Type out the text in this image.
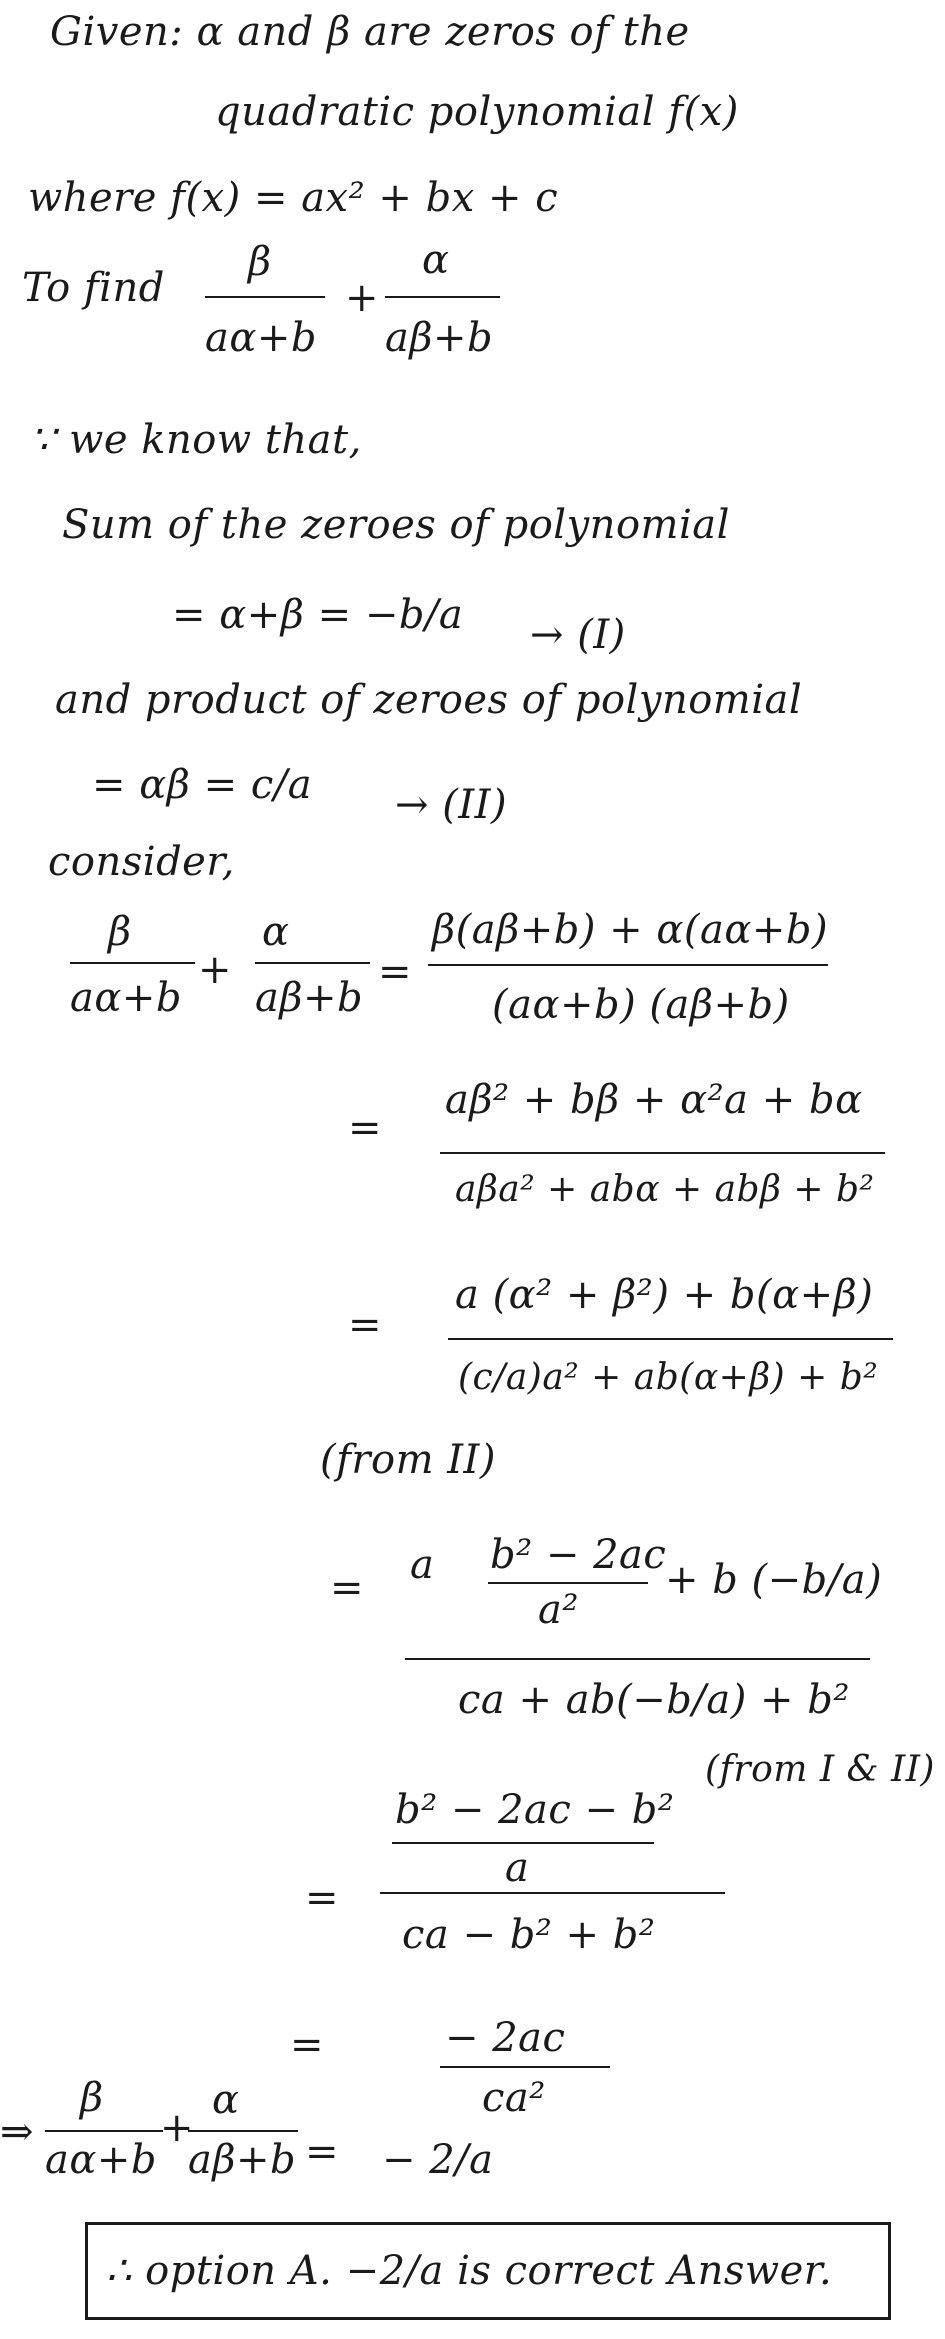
Given: α and β are zeros of the
quadratic polynomial f(x)
where f(x) = ax² + bx + c
To find
β
aα+b
+
α
aβ+b
∵ we know that,
Sum of the zeroes of polynomial
= α+β = −b/a → (I)
and product of zeroes of polynomial
= αβ = c/a → (II)
consider,
β
aα+b
+
α
aβ+b
=
β(aβ+b) + α(aα+b)
(aα+b) (aβ+b)
=
aβ² + bβ + α²a + bα
aβa² + abα + abβ + b²
=
a (α² + β²) + b(α+β)
(c/a)a² + ab(α+β) + b²
(from II)
= a b² − 2ac
a²
+ b (−b/a)
ca + ab(−b/a) + b²
(from I & II)
b² − 2ac − b²
a
=
ca − b² + b²
=	− 2ac
ca²
⇒
β
aα+b
+
α
aβ+b = − 2/a
∴ option A. −2/a is correct Answer.
